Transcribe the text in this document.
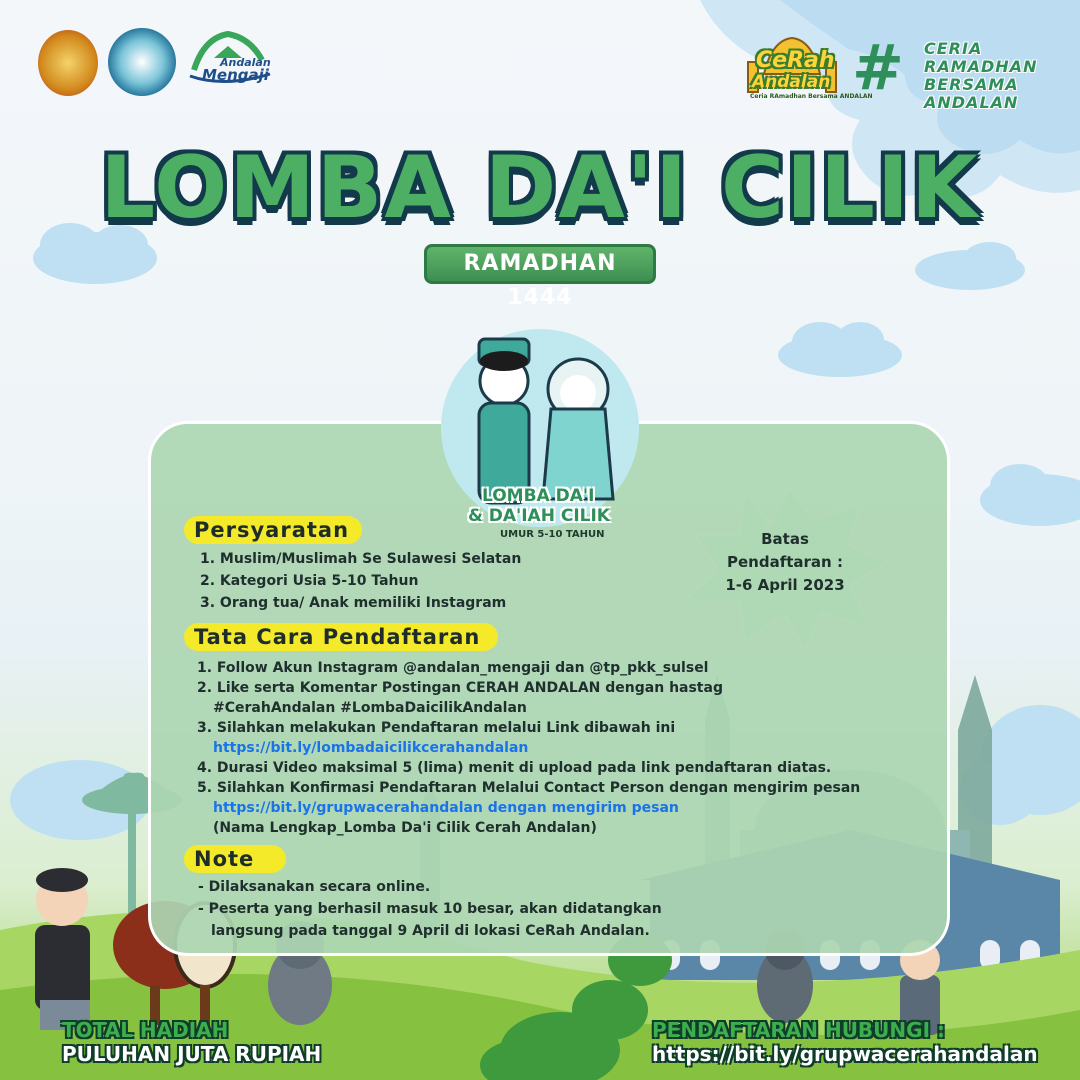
Andalan
Mengaji
CeRah
Andalan
Ceria RAmadhan Bersama ANDALAN
# CERIA
RAMADHAN
BERSAMA
ANDALAN
LOMBA DA'I CILIK
RAMADHAN 1444
LOMBA DA'I
& DA'IAH CILIK
UMUR 5-10 TAHUN	Batas
Pendaftaran :
1-6 April 2023
Persyaratan
1. Muslim/Muslimah Se Sulawesi Selatan
2. Kategori Usia 5-10 Tahun
3. Orang tua/ Anak memiliki Instagram
Tata Cara Pendaftaran
1. Follow Akun Instagram @andalan_mengaji dan @tp_pkk_sulsel
2. Like serta Komentar Postingan CERAH ANDALAN dengan hastag
#CerahAndalan #LombaDaicilikAndalan
3. Silahkan melakukan Pendaftaran melalui Link dibawah ini
https://bit.ly/lombadaicilikcerahandalan
4. Durasi Video maksimal 5 (lima) menit di upload pada link pendaftaran diatas.
5. Silahkan Konfirmasi Pendaftaran Melalui Contact Person dengan mengirim pesan
https://bit.ly/grupwacerahandalan dengan mengirim pesan
(Nama Lengkap_Lomba Da'i Cilik Cerah Andalan)
Note
- Dilaksanakan secara online.
- Peserta yang berhasil masuk 10 besar, akan didatangkan
langsung pada tanggal 9 April di lokasi CeRah Andalan.
TOTAL HADIAH
PULUHAN JUTA RUPIAH
PENDAFTARAN HUBUNGI :
https://bit.ly/grupwacerahandalan
